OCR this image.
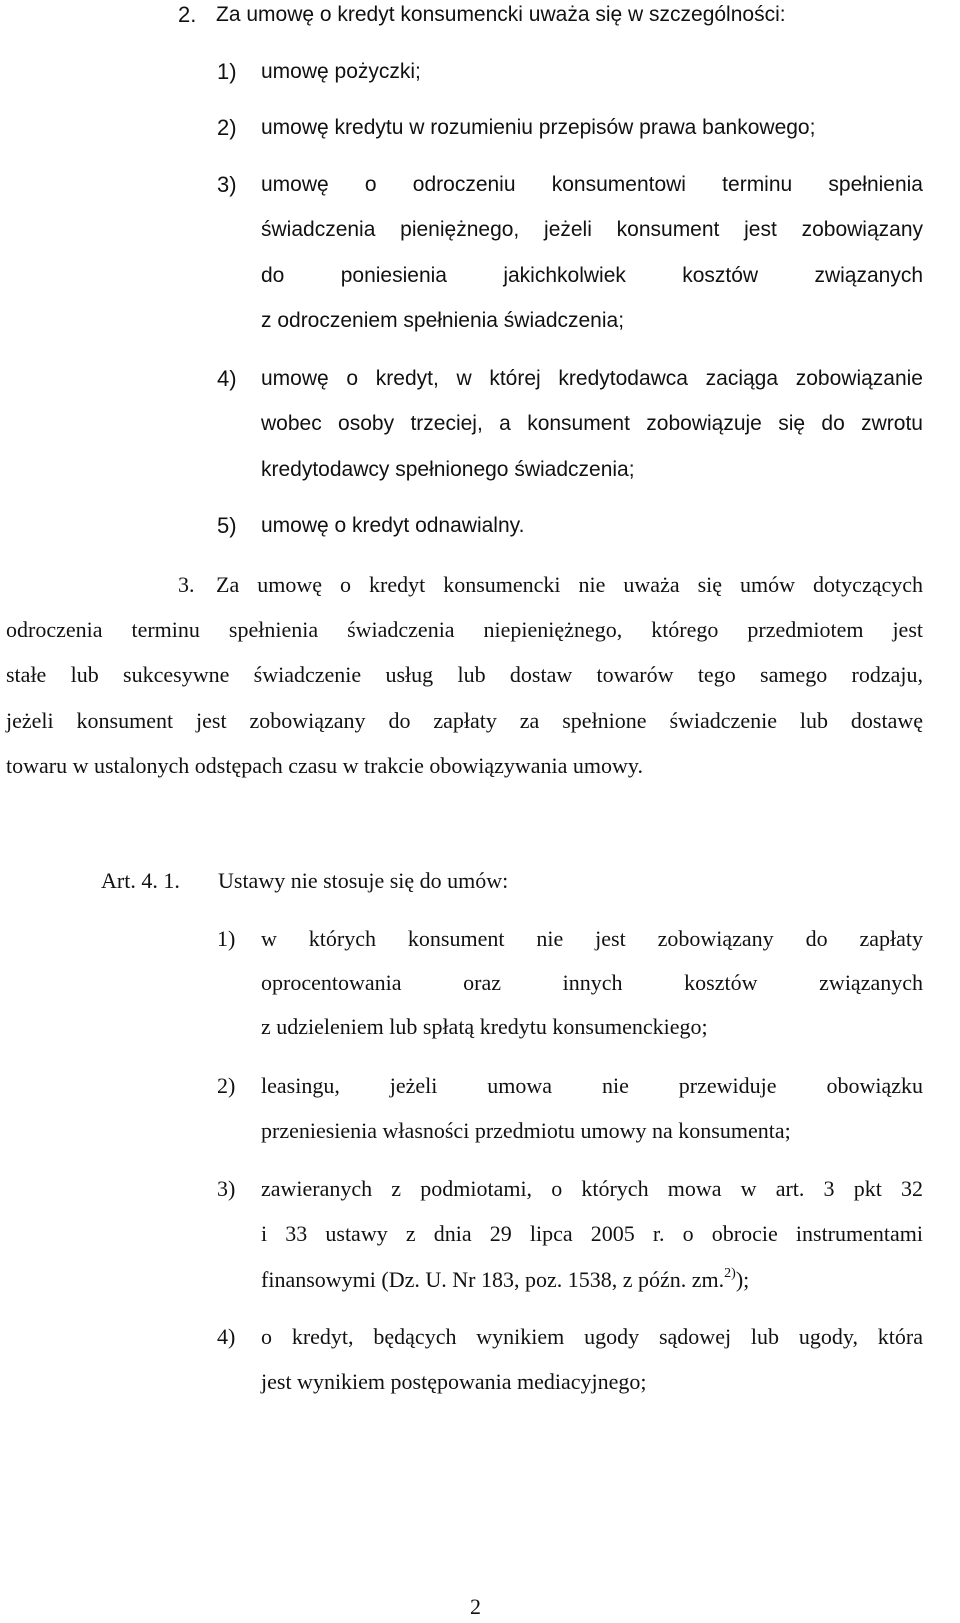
2. Za umowę o kredyt konsumencki uważa się w szczególności:
1) umowę pożyczki;
2) umowę kredytu w rozumieniu przepisów prawa bankowego;
3) umowę o odroczeniu konsumentowi terminu spełnienia
świadczenia pieniężnego, jeżeli konsument jest zobowiązany
do poniesienia jakichkolwiek kosztów związanych
z odroczeniem spełnienia świadczenia;
4) umowę o kredyt, w której kredytodawca zaciąga zobowiązanie
wobec osoby trzeciej, a konsument zobowiązuje się do zwrotu
kredytodawcy spełnionego świadczenia;
5) umowę o kredyt odnawialny.
3. Za umowę o kredyt konsumencki nie uważa się umów dotyczących
odroczenia terminu spełnienia świadczenia niepieniężnego, którego przedmiotem jest
stałe lub sukcesywne świadczenie usług lub dostaw towarów tego samego rodzaju,
jeżeli konsument jest zobowiązany do zapłaty za spełnione świadczenie lub dostawę
towaru w ustalonych odstępach czasu w trakcie obowiązywania umowy.
Art. 4. 1. Ustawy nie stosuje się do umów:
1) w których konsument nie jest zobowiązany do zapłaty
oprocentowania oraz innych kosztów związanych
z udzieleniem lub spłatą kredytu konsumenckiego;
2) leasingu, jeżeli umowa nie przewiduje obowiązku
przeniesienia własności przedmiotu umowy na konsumenta;
3) zawieranych z podmiotami, o których mowa w art. 3 pkt 32
i 33 ustawy z dnia 29 lipca 2005 r. o obrocie instrumentami
finansowymi (Dz. U. Nr 183, poz. 1538, z późn. zm.$^{2)}$);
4) o kredyt, będących wynikiem ugody sądowej lub ugody, która
jest wynikiem postępowania mediacyjnego;
2
